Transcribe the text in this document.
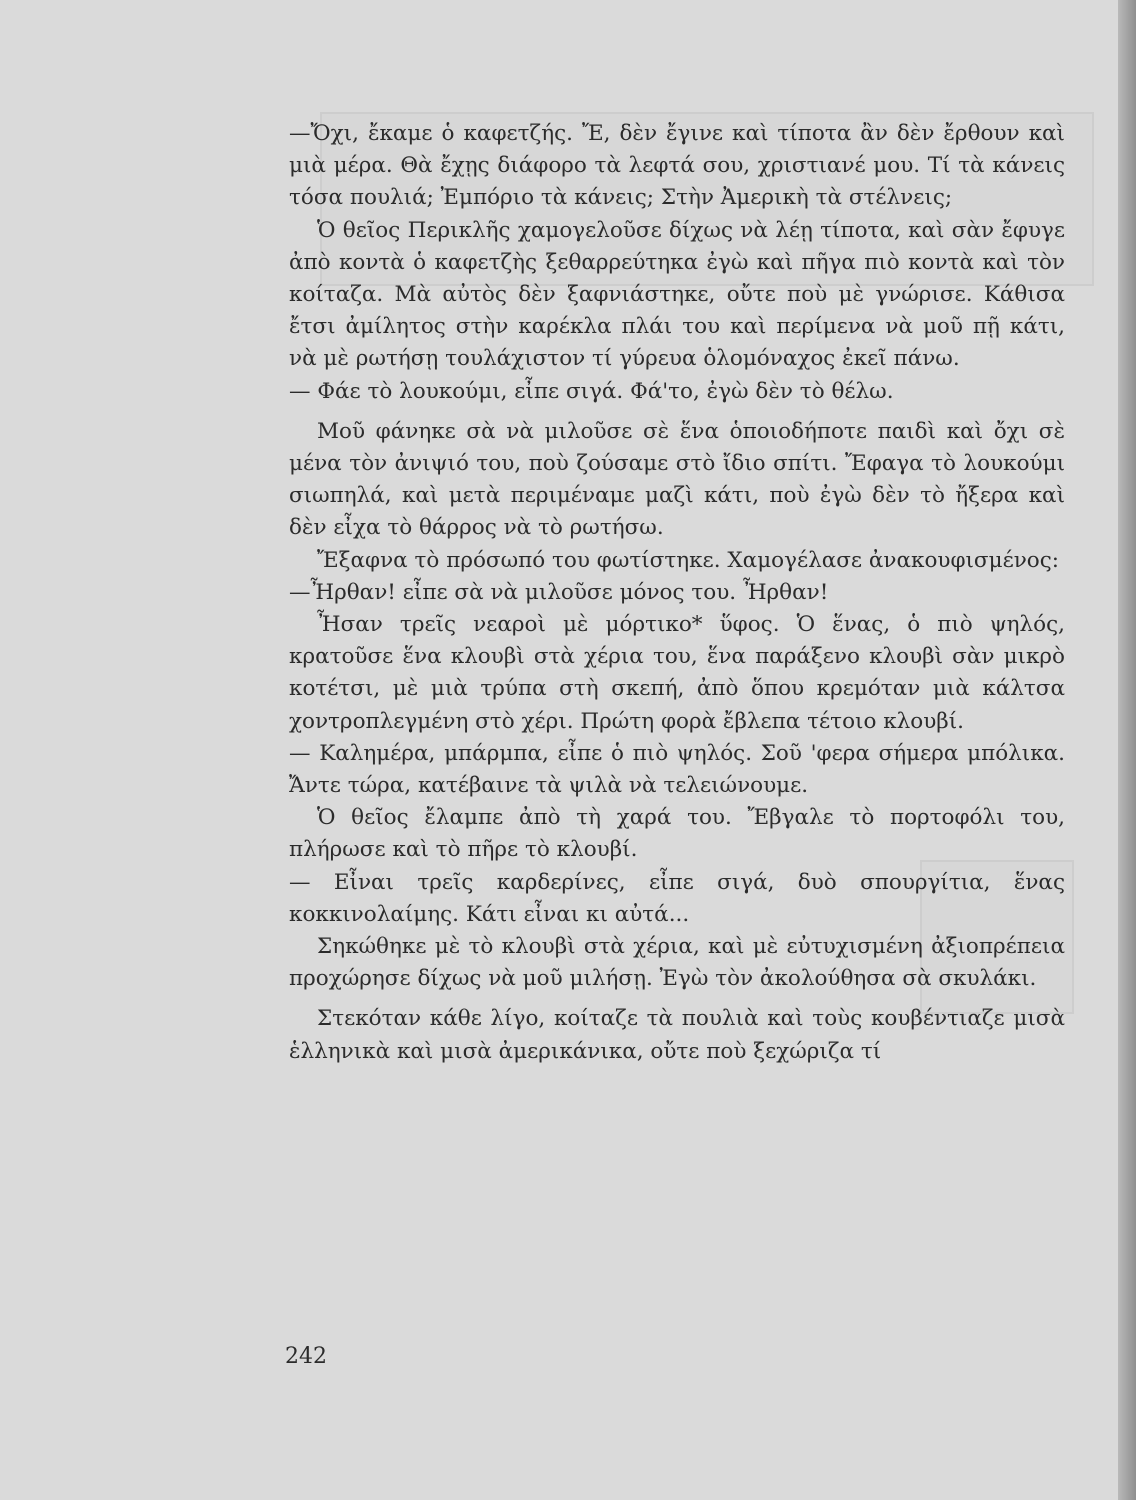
—Ὄχι, ἔκαμε ὁ καφετζής. Ἔ, δὲν ἔγινε καὶ τίποτα ἂν δὲν ἔρθουν καὶ μιὰ μέρα. Θὰ ἔχῃς διάφορο τὰ λεφτά σου, χριστιανέ μου. Τί τὰ κάνεις τόσα πουλιά; Ἐμπόριο τὰ κάνεις; Στὴν Ἀμερικὴ τὰ στέλνεις;

Ὁ θεῖος Περικλῆς χαμογελοῦσε δίχως νὰ λέῃ τίποτα, καὶ σὰν ἔφυγε ἀπὸ κοντὰ ὁ καφετζὴς ξεθαρρεύτηκα ἐγὼ καὶ πῆγα πιὸ κοντὰ καὶ τὸν κοίταζα. Μὰ αὐτὸς δὲν ξαφνιάστηκε, οὔτε ποὺ μὲ γνώρισε. Κάθισα ἔτσι ἀμίλητος στὴν καρέκλα πλάι του καὶ περίμενα νὰ μοῦ πῇ κάτι, νὰ μὲ ρωτήσῃ τουλάχιστον τί γύρευα ὁλομόναχος ἐκεῖ πάνω.

— Φάε τὸ λουκούμι, εἶπε σιγά. Φά'το, ἐγὼ δὲν τὸ θέλω.

Μοῦ φάνηκε σὰ νὰ μιλοῦσε σὲ ἕνα ὁποιοδήποτε παιδὶ καὶ ὄχι σὲ μένα τὸν ἀνιψιό του, ποὺ ζούσαμε στὸ ἴδιο σπίτι. Ἔφαγα τὸ λουκούμι σιωπηλά, καὶ μετὰ περιμέναμε μαζὶ κάτι, ποὺ ἐγὼ δὲν τὸ ἤξερα καὶ δὲν εἶχα τὸ θάρρος νὰ τὸ ρωτήσω.

Ἔξαφνα τὸ πρόσωπό του φωτίστηκε. Χαμογέλασε ἀνακουφισμένος:

—Ἦρθαν! εἶπε σὰ νὰ μιλοῦσε μόνος του. Ἦρθαν!

Ἦσαν τρεῖς νεαροὶ μὲ μόρτικο* ὕφος. Ὁ ἕνας, ὁ πιὸ ψηλός, κρατοῦσε ἕνα κλουβὶ στὰ χέρια του, ἕνα παράξενο κλουβὶ σὰν μικρὸ κοτέτσι, μὲ μιὰ τρύπα στὴ σκεπή, ἀπὸ ὅπου κρεμόταν μιὰ κάλτσα χοντροπλεγμένη στὸ χέρι. Πρώτη φορὰ ἔβλεπα τέτοιο κλουβί.

— Καλημέρα, μπάρμπα, εἶπε ὁ πιὸ ψηλός. Σοῦ 'φερα σήμερα μπόλικα. Ἄντε τώρα, κατέβαινε τὰ ψιλὰ νὰ τελειώνουμε.

Ὁ θεῖος ἔλαμπε ἀπὸ τὴ χαρά του. Ἔβγαλε τὸ πορτοφόλι του, πλήρωσε καὶ τὸ πῆρε τὸ κλουβί.

— Εἶναι τρεῖς καρδερίνες, εἶπε σιγά, δυὸ σπουργίτια, ἕνας κοκκινολαίμης. Κάτι εἶναι κι αὐτά...

Σηκώθηκε μὲ τὸ κλουβὶ στὰ χέρια, καὶ μὲ εὐτυχισμένη ἀξιοπρέπεια προχώρησε δίχως νὰ μοῦ μιλήσῃ. Ἐγὼ τὸν ἀκολούθησα σὰ σκυλάκι.

Στεκόταν κάθε λίγο, κοίταζε τὰ πουλιὰ καὶ τοὺς κουβέντιαζε μισὰ ἑλληνικὰ καὶ μισὰ ἀμερικάνικα, οὔτε ποὺ ξεχώριζα τί

242
